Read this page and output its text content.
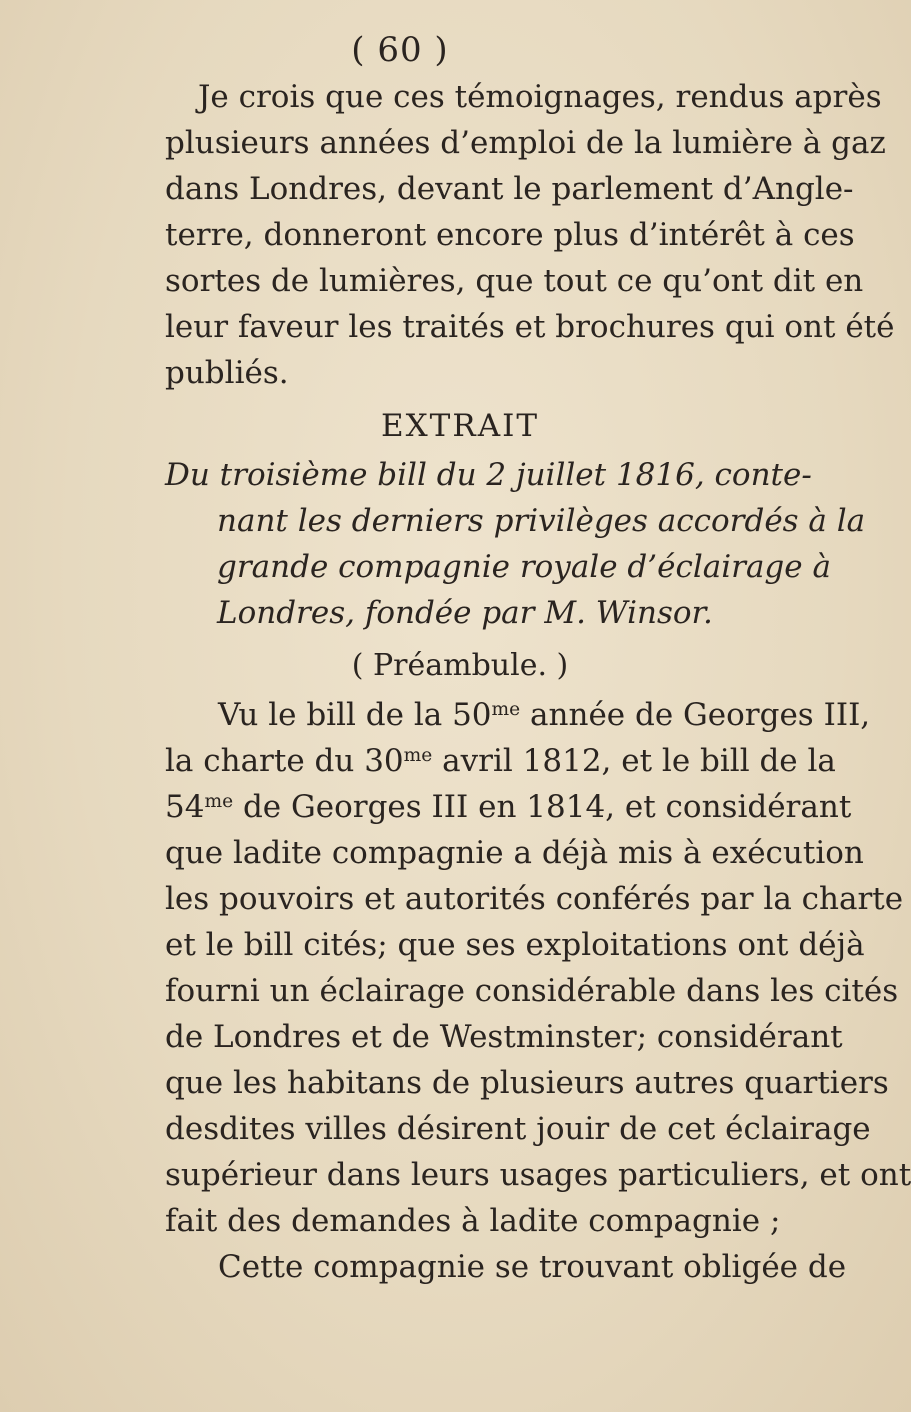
( 60 )
Je crois que ces témoignages, rendus après
plusieurs années d’emploi de la lumière à gaz
dans Londres, devant le parlement d’Angle-
terre, donneront encore plus d’intérêt à ces
sortes de lumières, que tout ce qu’ont dit en
leur faveur les traités et brochures qui ont été
publiés.
EXTRAIT
Du troisième bill du 2 juillet 1816, conte-
nant les derniers privilèges accordés à la
grande compagnie royale d’éclairage à
Londres, fondée par M. Winsor.
( Préambule. )
Vu le bill de la $50^{me}$ année de Georges III,
la charte du $30^{me}$ avril 1812, et le bill de la
$54^{me}$ de Georges III en 1814, et considérant
que ladite compagnie a déjà mis à exécution
les pouvoirs et autorités conférés par la charte
et le bill cités; que ses exploitations ont déjà
fourni un éclairage considérable dans les cités
de Londres et de Westminster; considérant
que les habitans de plusieurs autres quartiers
desdites villes désirent jouir de cet éclairage
supérieur dans leurs usages particuliers, et ont
fait des demandes à ladite compagnie ;
Cette compagnie se trouvant obligée de
